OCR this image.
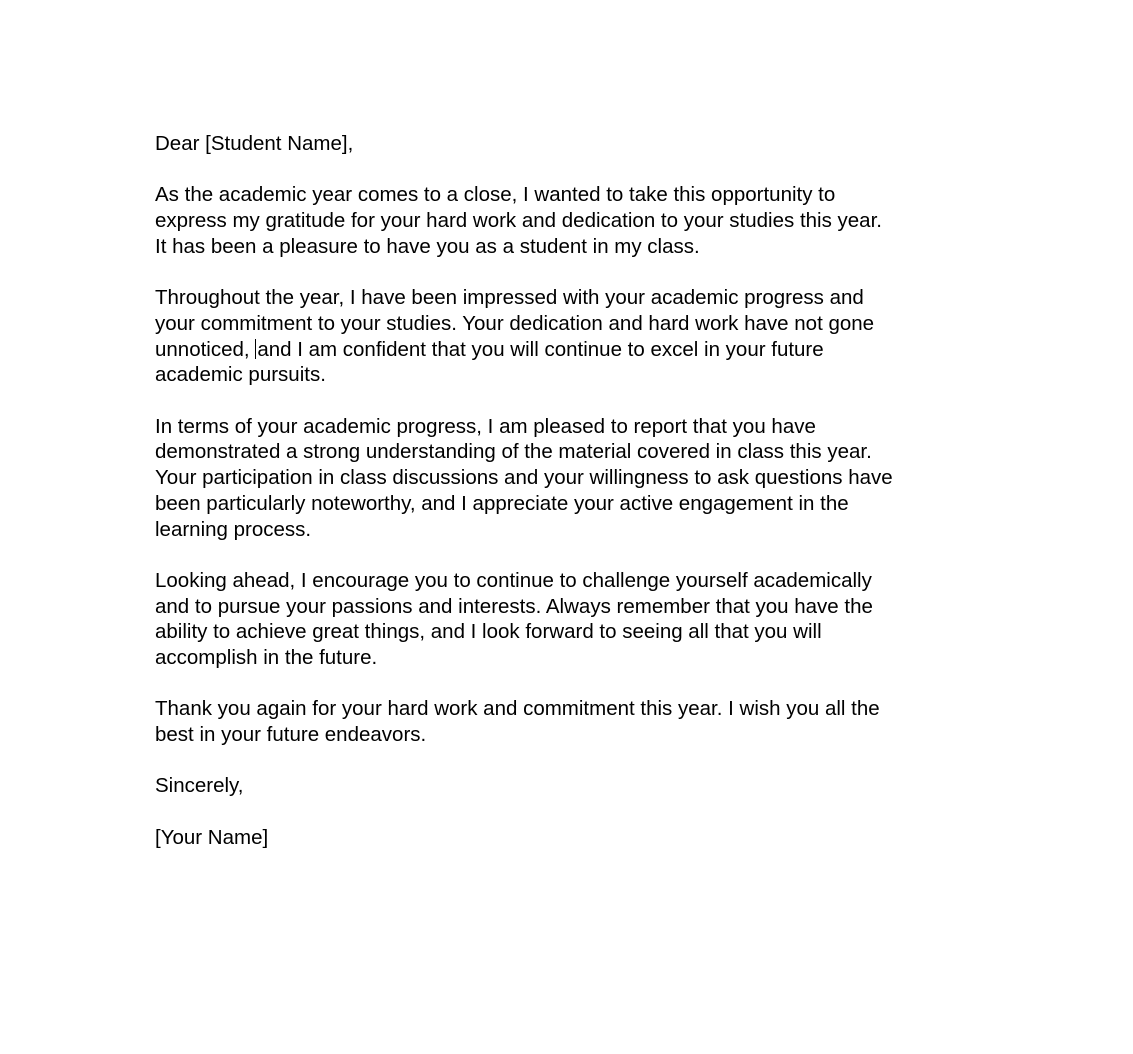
Dear [Student Name],

As the academic year comes to a close, I wanted to take this opportunity to
express my gratitude for your hard work and dedication to your studies this year.
It has been a pleasure to have you as a student in my class.

Throughout the year, I have been impressed with your academic progress and
your commitment to your studies. Your dedication and hard work have not gone
unnoticed, and I am confident that you will continue to excel in your future
academic pursuits.

In terms of your academic progress, I am pleased to report that you have
demonstrated a strong understanding of the material covered in class this year.
Your participation in class discussions and your willingness to ask questions have
been particularly noteworthy, and I appreciate your active engagement in the
learning process.

Looking ahead, I encourage you to continue to challenge yourself academically
and to pursue your passions and interests. Always remember that you have the
ability to achieve great things, and I look forward to seeing all that you will
accomplish in the future.

Thank you again for your hard work and commitment this year. I wish you all the
best in your future endeavors.

Sincerely,

[Your Name]
